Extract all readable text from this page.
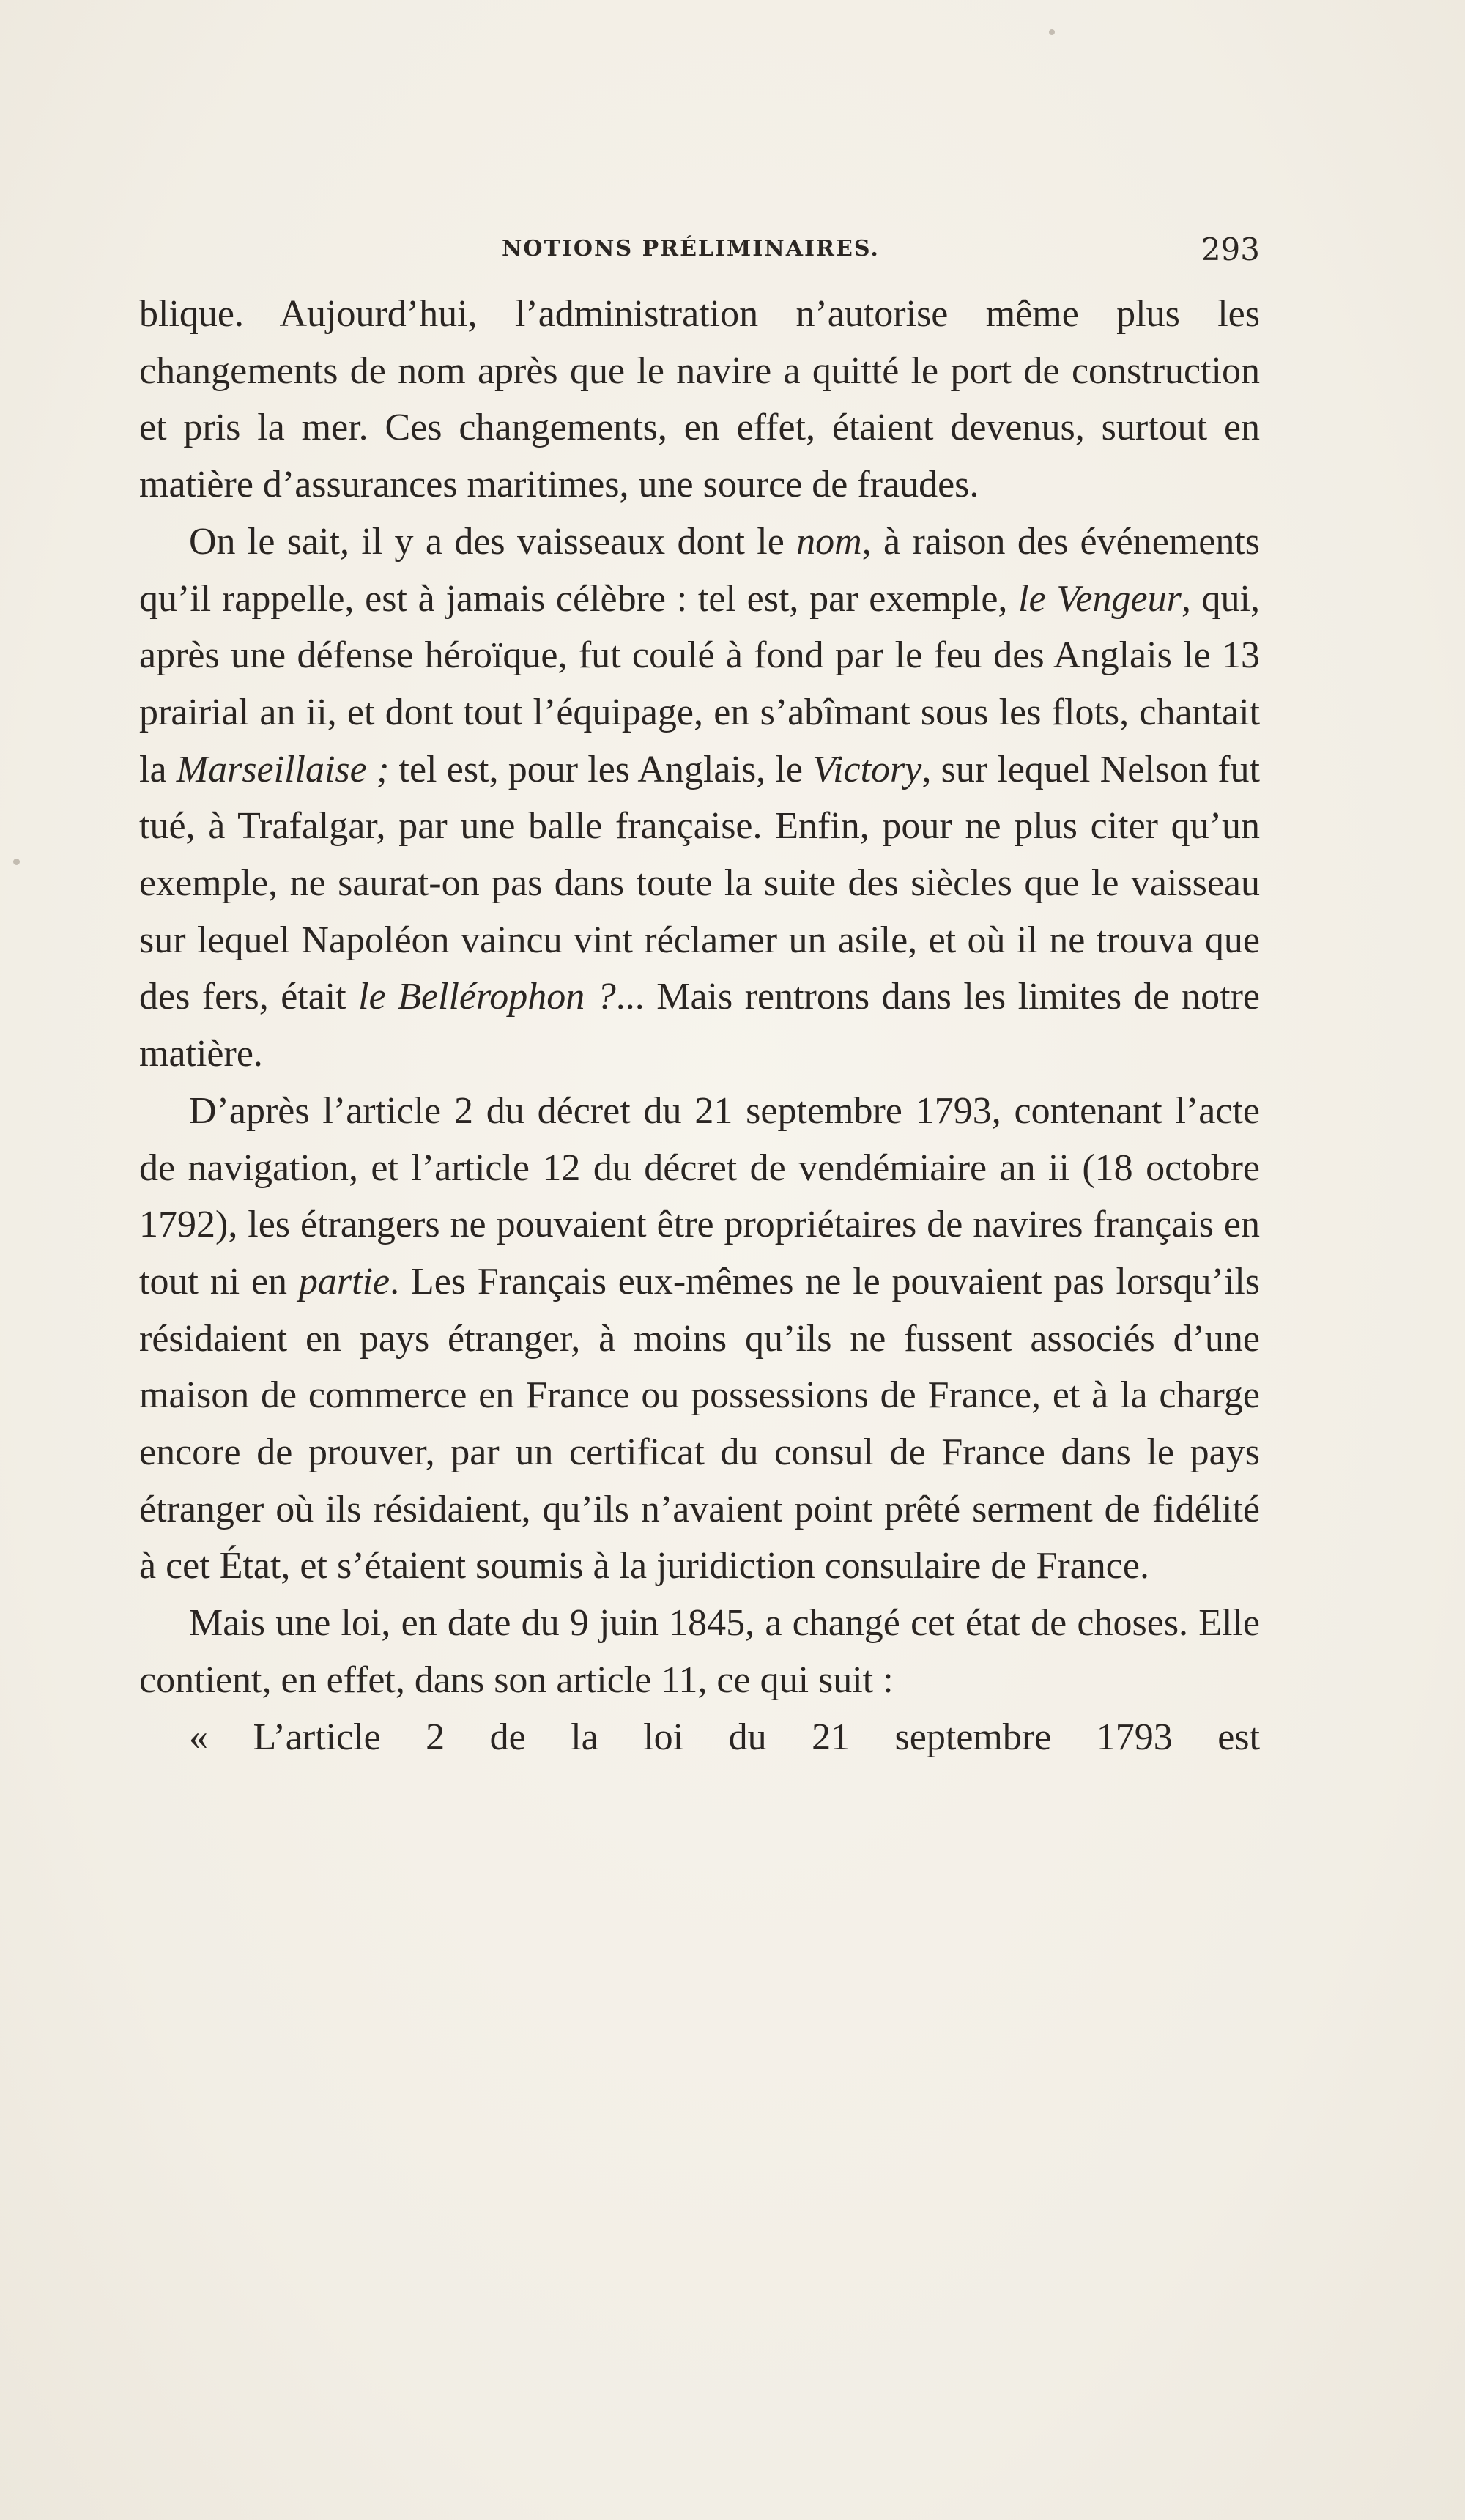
NOTIONS PRÉLIMINAIRES.	293

blique. Aujourd’hui, l’administration n’autorise même plus les changements de nom après que le navire a quitté le port de construction et pris la mer. Ces changements, en effet, étaient devenus, surtout en matière d’assurances maritimes, une source de fraudes.

On le sait, il y a des vaisseaux dont le nom, à raison des événements qu’il rappelle, est à jamais célèbre : tel est, par exemple, le Vengeur, qui, après une défense héroïque, fut coulé à fond par le feu des Anglais le 13 prairial an ii, et dont tout l’équipage, en s’abîmant sous les flots, chantait la Marseillaise ; tel est, pour les Anglais, le Victory, sur lequel Nelson fut tué, à Trafalgar, par une balle française. Enfin, pour ne plus citer qu’un exemple, ne saurat-on pas dans toute la suite des siècles que le vaisseau sur lequel Napoléon vaincu vint réclamer un asile, et où il ne trouva que des fers, était le Bellérophon ?... Mais rentrons dans les limites de notre matière.

D’après l’article 2 du décret du 21 septembre 1793, contenant l’acte de navigation, et l’article 12 du décret de vendémiaire an ii (18 octobre 1792), les étrangers ne pouvaient être propriétaires de navires français en tout ni en partie. Les Français eux-mêmes ne le pouvaient pas lorsqu’ils résidaient en pays étranger, à moins qu’ils ne fussent associés d’une maison de commerce en France ou possessions de France, et à la charge encore de prouver, par un certificat du consul de France dans le pays étranger où ils résidaient, qu’ils n’avaient point prêté serment de fidélité à cet État, et s’étaient soumis à la juridiction consulaire de France.

Mais une loi, en date du 9 juin 1845, a changé cet état de choses. Elle contient, en effet, dans son article 11, ce qui suit :

« L’article 2 de la loi du 21 septembre 1793 est
